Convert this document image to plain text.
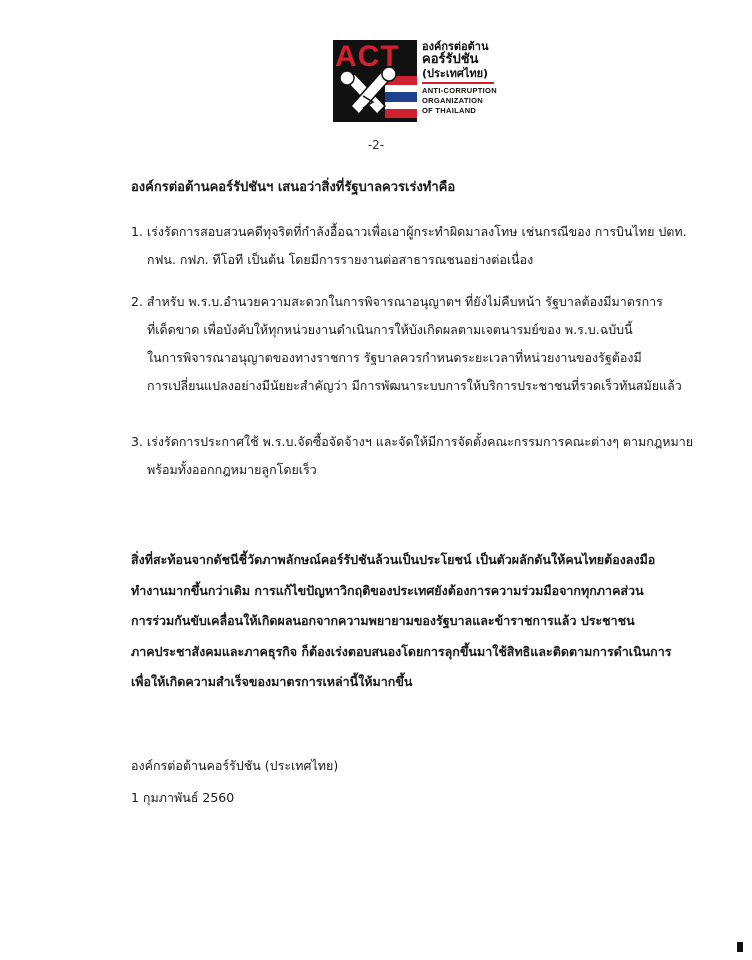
ACT	องค์กรต่อต้าน
คอร์รัปชัน
(ประเทศไทย)
ANTI-CORRUPTION
ORGANIZATION
OF THAILAND
-2-
องค์กรต่อต้านคอร์รัปชันฯ เสนอว่าสิ่งที่รัฐบาลควรเร่งทำคือ
1. เร่งรัดการสอบสวนคดีทุจริตที่กำลังอื้อฉาวเพื่อเอาผู้กระทำผิดมาลงโทษ เช่นกรณีของ การบินไทย ปตท.
กฟน. กฟภ. ทีโอที เป็นต้น โดยมีการรายงานต่อสาธารณชนอย่างต่อเนื่อง
2. สำหรับ พ.ร.บ.อำนวยความสะดวกในการพิจารณาอนุญาตฯ ที่ยังไม่คืบหน้า รัฐบาลต้องมีมาตรการ
ที่เด็ดขาด เพื่อบังคับให้ทุกหน่วยงานดำเนินการให้บังเกิดผลตามเจตนารมย์ของ พ.ร.บ.ฉบับนี้
ในการพิจารณาอนุญาตของทางราชการ รัฐบาลควรกำหนดระยะเวลาที่หน่วยงานของรัฐต้องมี
การเปลี่ยนแปลงอย่างมีนัยยะสำคัญว่า มีการพัฒนาระบบการให้บริการประชาชนที่รวดเร็วทันสมัยแล้ว
3. เร่งรัดการประกาศใช้ พ.ร.บ.จัดซื้อจัดจ้างฯ และจัดให้มีการจัดตั้งคณะกรรมการคณะต่างๆ ตามกฎหมาย
พร้อมทั้งออกกฎหมายลูกโดยเร็ว
สิ่งที่สะท้อนจากดัชนีชี้วัดภาพลักษณ์คอร์รัปชันล้วนเป็นประโยชน์ เป็นตัวผลักดันให้คนไทยต้องลงมือ
ทำงานมากขึ้นกว่าเดิม การแก้ไขปัญหาวิกฤติของประเทศยังต้องการความร่วมมือจากทุกภาคส่วน
การร่วมกันขับเคลื่อนให้เกิดผลนอกจากความพยายามของรัฐบาลและข้าราชการแล้ว ประชาชน
ภาคประชาสังคมและภาคธุรกิจ ก็ต้องเร่งตอบสนองโดยการลุกขึ้นมาใช้สิทธิและติดตามการดำเนินการ
เพื่อให้เกิดความสำเร็จของมาตรการเหล่านี้ให้มากขึ้น
องค์กรต่อต้านคอร์รัปชัน (ประเทศไทย)
1 กุมภาพันธ์ 2560
